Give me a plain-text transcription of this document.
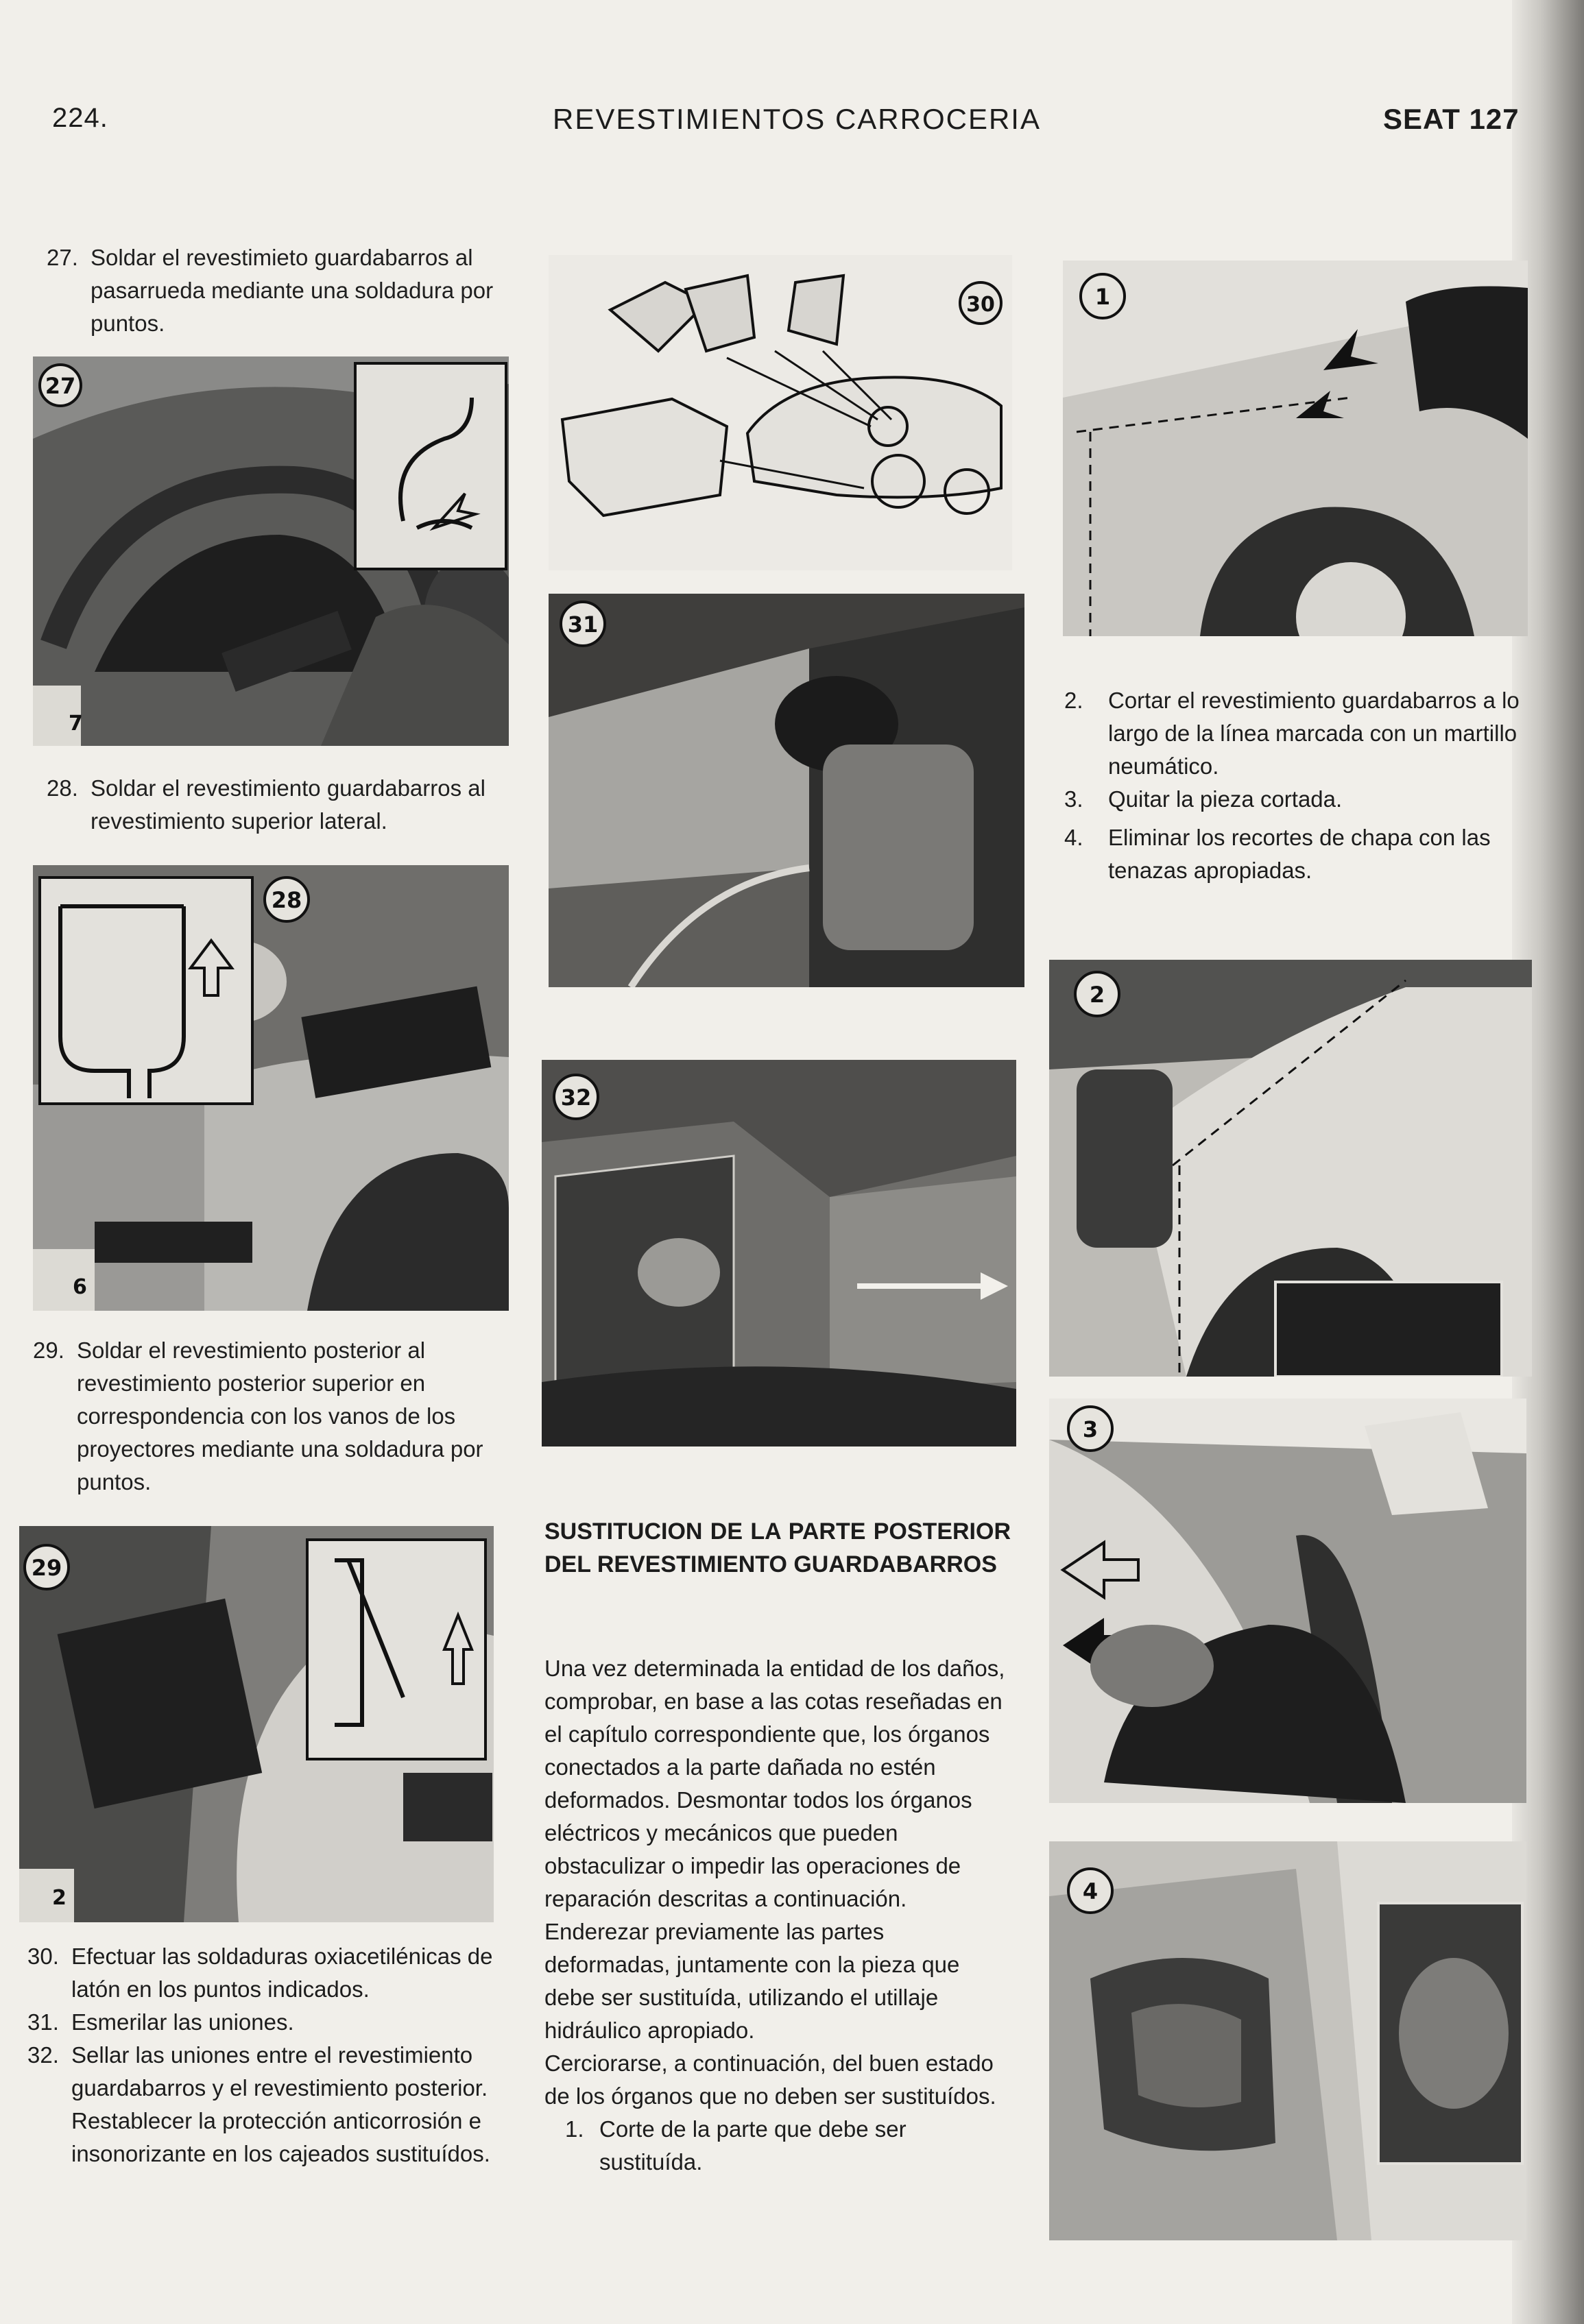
224.	REVESTIMIENTOS CARROCERIA	SEAT 127
27. Soldar el revestimieto guardabarros al pasarrueda mediante una soldadura por puntos.
27
7
28. Soldar el revestimiento guardabarros al revestimiento superior lateral.
28
6
29. Soldar el revestimiento posterior al revestimiento posterior superior en correspondencia con los vanos de los proyectores mediante una soldadura por puntos.
29
2
30. Efectuar las soldaduras oxiacetilénicas de latón en los puntos indicados.
31. Esmerilar las uniones.
32. Sellar las uniones entre el revestimiento guardabarros y el revestimiento posterior.
Restablecer la protección anticorrosión e insonorizante en los cajeados sustituídos.
30
31
32
SUSTITUCION DE LA PARTE POSTERIOR DEL REVESTIMIENTO GUARDABARROS

Una vez determinada la entidad de los daños, comprobar, en base a las cotas reseñadas en el capítulo correspondiente que, los órganos conectados a la parte dañada no estén deformados. Desmontar todos los órganos eléctricos y mecánicos que pueden obstaculizar o impedir las operaciones de reparación descritas a continuación.

Enderezar previamente las partes deformadas, juntamente con la pieza que debe ser sustituída, utilizando el utillaje hidráulico apropiado.

Cerciorarse, a continuación, del buen estado de los órganos que no deben ser sustituídos.

1. Corte de la parte que debe ser sustituída.

1
2. Cortar el revestimiento guardabarros a lo largo de la línea marcada con un martillo neumático.
3. Quitar la pieza cortada.
4. Eliminar los recortes de chapa con las tenazas apropiadas.
2
3
4
